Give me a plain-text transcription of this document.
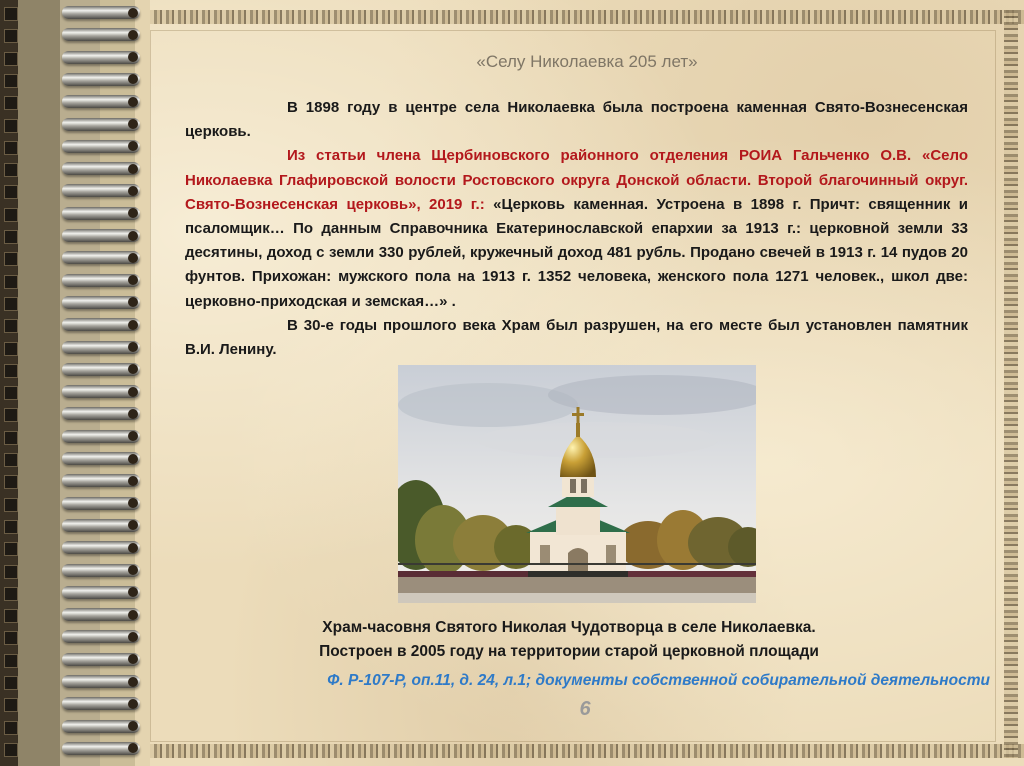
«Селу Николаевка 205 лет»

В 1898 году в центре села Николаевка была построена каменная Свято-Вознесенская церковь.

Из статьи члена Щербиновского районного отделения РОИА Гальченко О.В. «Село Николаевка Глафировской волости Ростовского округа Донской области. Второй благочинный округ. Свято-Вознесенская церковь», 2019 г.: «Церковь каменная. Устроена в 1898 г. Причт: священник и псаломщик… По данным Справочника Екатеринославской епархии за 1913 г.: церковной земли 33 десятины, доход с земли 330 рублей, кружечный доход 481 рубль. Продано свечей в 1913 г. 14 пудов 20 фунтов. Прихожан: мужского пола на 1913 г. 1352 человека, женского пола 1271 человек., школ две: церковно-приходская и земская…» .

В 30-е годы прошлого века Храм был разрушен, на его месте был установлен памятник В.И. Ленину.

Храм-часовня Святого Николая Чудотворца в селе Николаевка.
Построен в 2005 году на территории старой церковной площади
Ф. Р-107-Р, оп.11, д. 24, л.1; документы собственной собирательной деятельности
6
